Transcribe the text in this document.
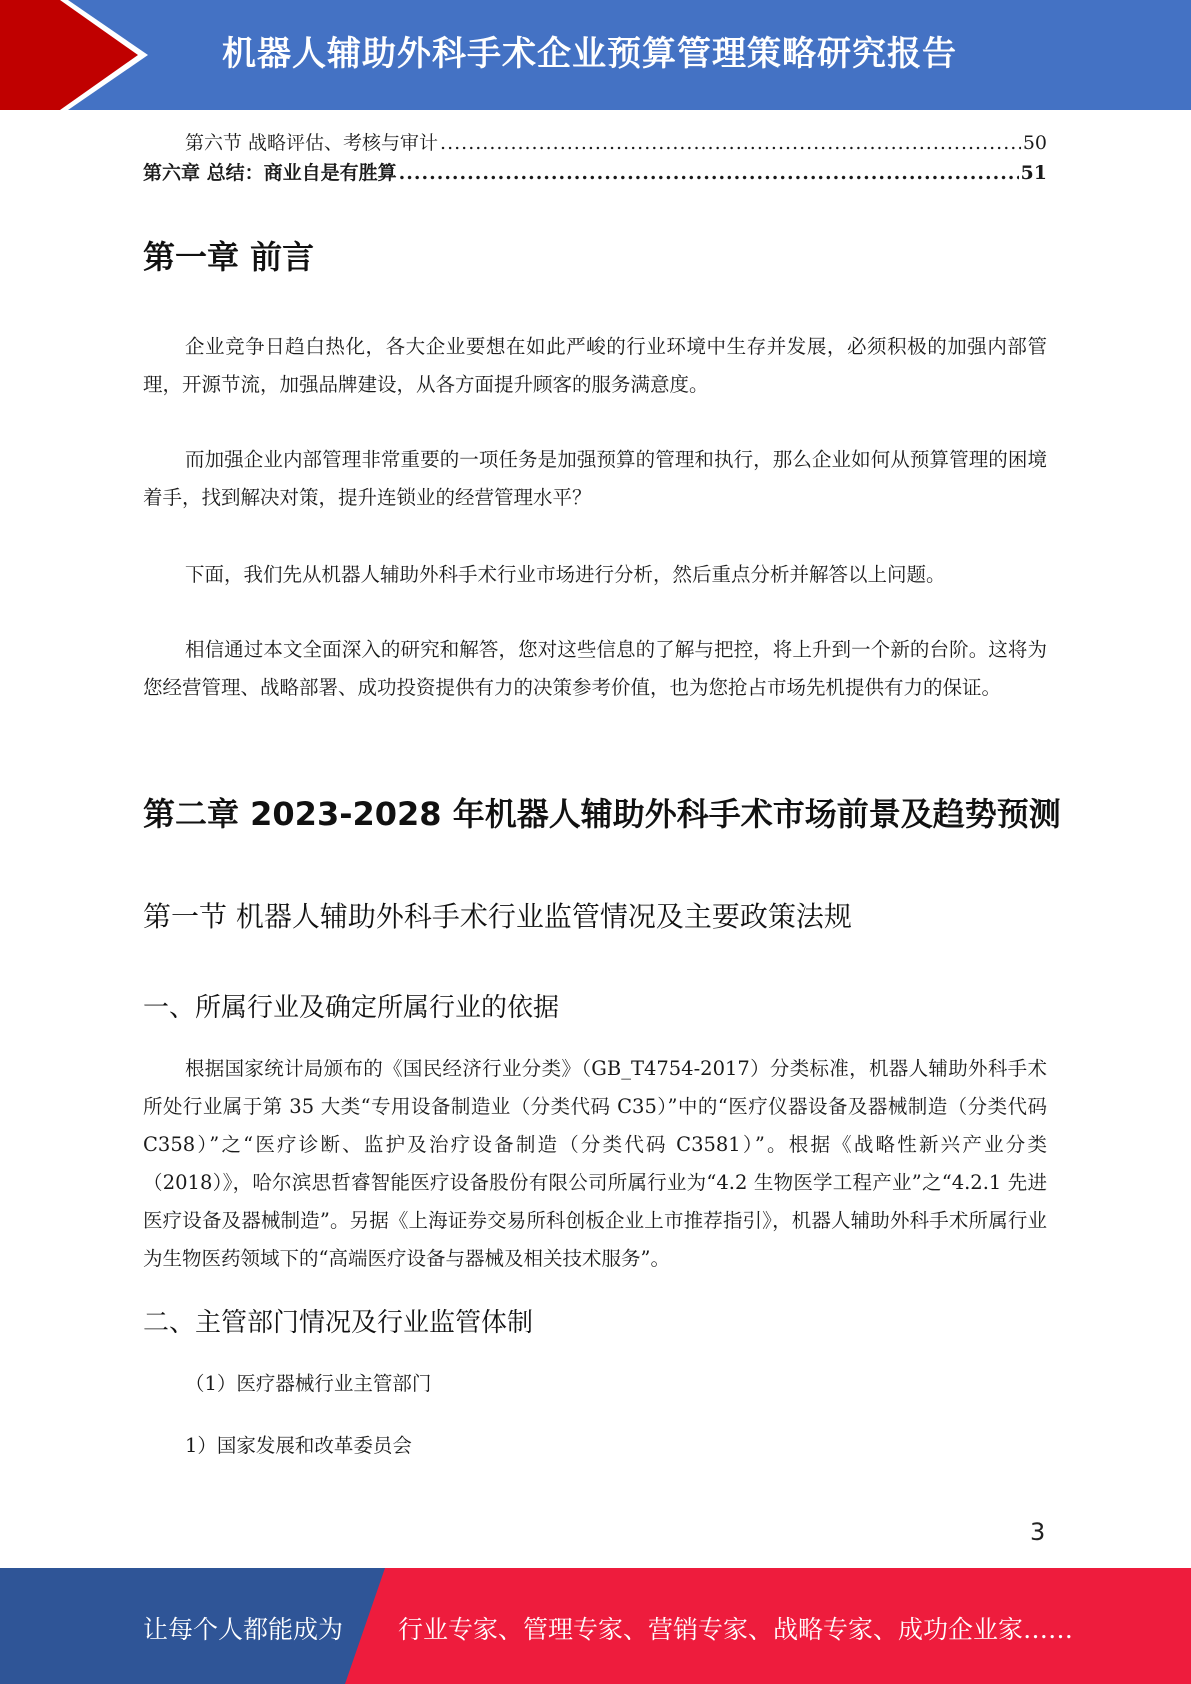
机器人辅助外科手术企业预算管理策略研究报告
第六节 战略评估、考核与审计 .....	50
第六章 总结：商业自是有胜算 .....	51
第一章 前言
企业竞争日趋白热化，各大企业要想在如此严峻的行业环境中生存并发展，必须积极的加强内部管理，开源节流，加强品牌建设，从各方面提升顾客的服务满意度。
而加强企业内部管理非常重要的一项任务是加强预算的管理和执行，那么企业如何从预算管理的困境着手，找到解决对策，提升连锁业的经营管理水平？
下面，我们先从机器人辅助外科手术行业市场进行分析，然后重点分析并解答以上问题。
相信通过本文全面深入的研究和解答，您对这些信息的了解与把控，将上升到一个新的台阶。这将为您经营管理、战略部署、成功投资提供有力的决策参考价值，也为您抢占市场先机提供有力的保证。
第二章 2023-2028 年机器人辅助外科手术市场前景及趋势预测
第一节 机器人辅助外科手术行业监管情况及主要政策法规
一、所属行业及确定所属行业的依据
根据国家统计局颁布的《国民经济行业分类》（GB_T4754-2017）分类标准，机器人辅助外科手术所处行业属于第 35 大类“专用设备制造业（分类代码 C35）”中的“医疗仪器设备及器械制造（分类代码 C358）”之“医疗诊断、监护及治疗设备制造（分类代码 C3581）”。根据《战略性新兴产业分类（2018）》，哈尔滨思哲睿智能医疗设备股份有限公司所属行业为“4.2 生物医学工程产业”之“4.2.1 先进医疗设备及器械制造”。另据《上海证券交易所科创板企业上市推荐指引》，机器人辅助外科手术所属行业为生物医药领域下的“高端医疗设备与器械及相关技术服务”。
二、主管部门情况及行业监管体制
（1）医疗器械行业主管部门
1）国家发展和改革委员会
3
让每个人都能成为 行业专家、管理专家、营销专家、战略专家、成功企业家……
